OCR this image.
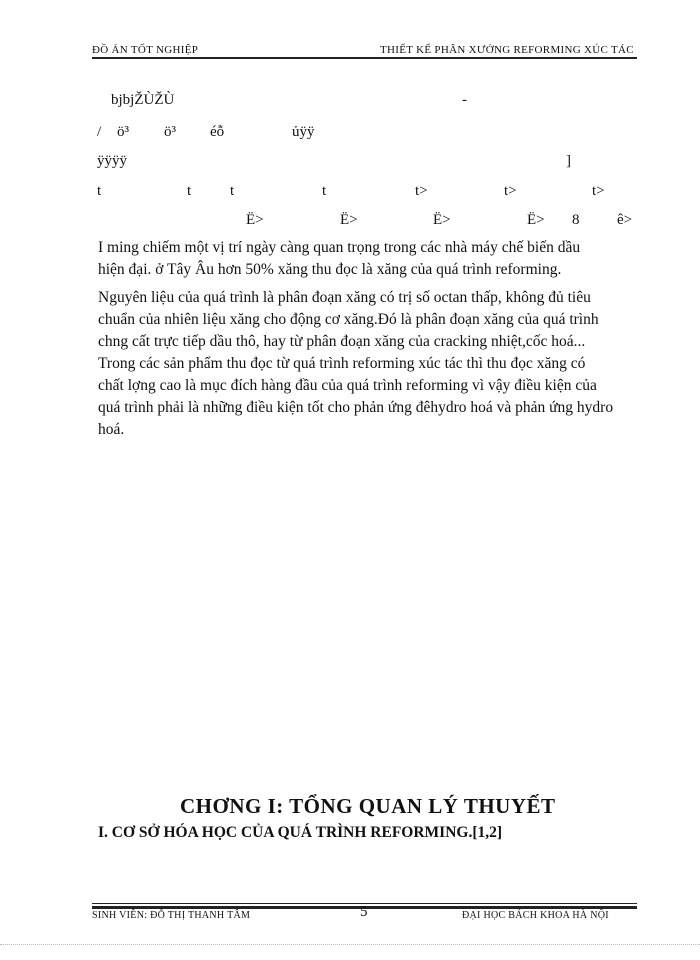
ĐỒ ÁN TỐT NGHIỆP	THIẾT KẾ PHÂN XƯỞNG REFORMING XÚC TÁC
bjbjŽÙŽÙ	-
/ ö³ ö³ éỗ	ủÿÿ
ÿÿÿÿ	]
t	t	t	t	t>	t>	t>
Ë>	Ë>	Ë>	Ë> 8	ê>
I ming chiếm một vị trí ngày càng quan trọng trong các nhà máy chế biến dầu
hiện đại. ở Tây Âu hơn 50% xăng thu đọc là xăng của quá trình reforming.
Nguyên liệu của quá trình là phân đoạn xăng có trị số octan thấp, không đủ tiêu
chuẩn của nhiên liệu xăng cho động cơ xăng.Đó là phân đoạn xăng của quá trình
chng cất trực tiếp dầu thô, hay từ phân đoạn xăng của cracking nhiệt,cốc hoá...
Trong các sản phẩm thu đọc từ quá trình reforming xúc tác thì thu đọc xăng có
chất lợng cao là mục đích hàng đầu của quá trình reforming vì vậy điều kiện của
quá trình phải là những điều kiện tốt cho phản ứng đêhydro hoá và phản ứng hydro
hoá.
CHƠNG I: TỔNG QUAN LÝ THUYẾT
I. CƠ SỞ HÓA HỌC CỦA QUÁ TRÌNH REFORMING.[1,2]
SINH VIÊN: ĐỖ THỊ THANH TÂM	5	ĐẠI HỌC BÁCH KHOA HÀ NỘI
